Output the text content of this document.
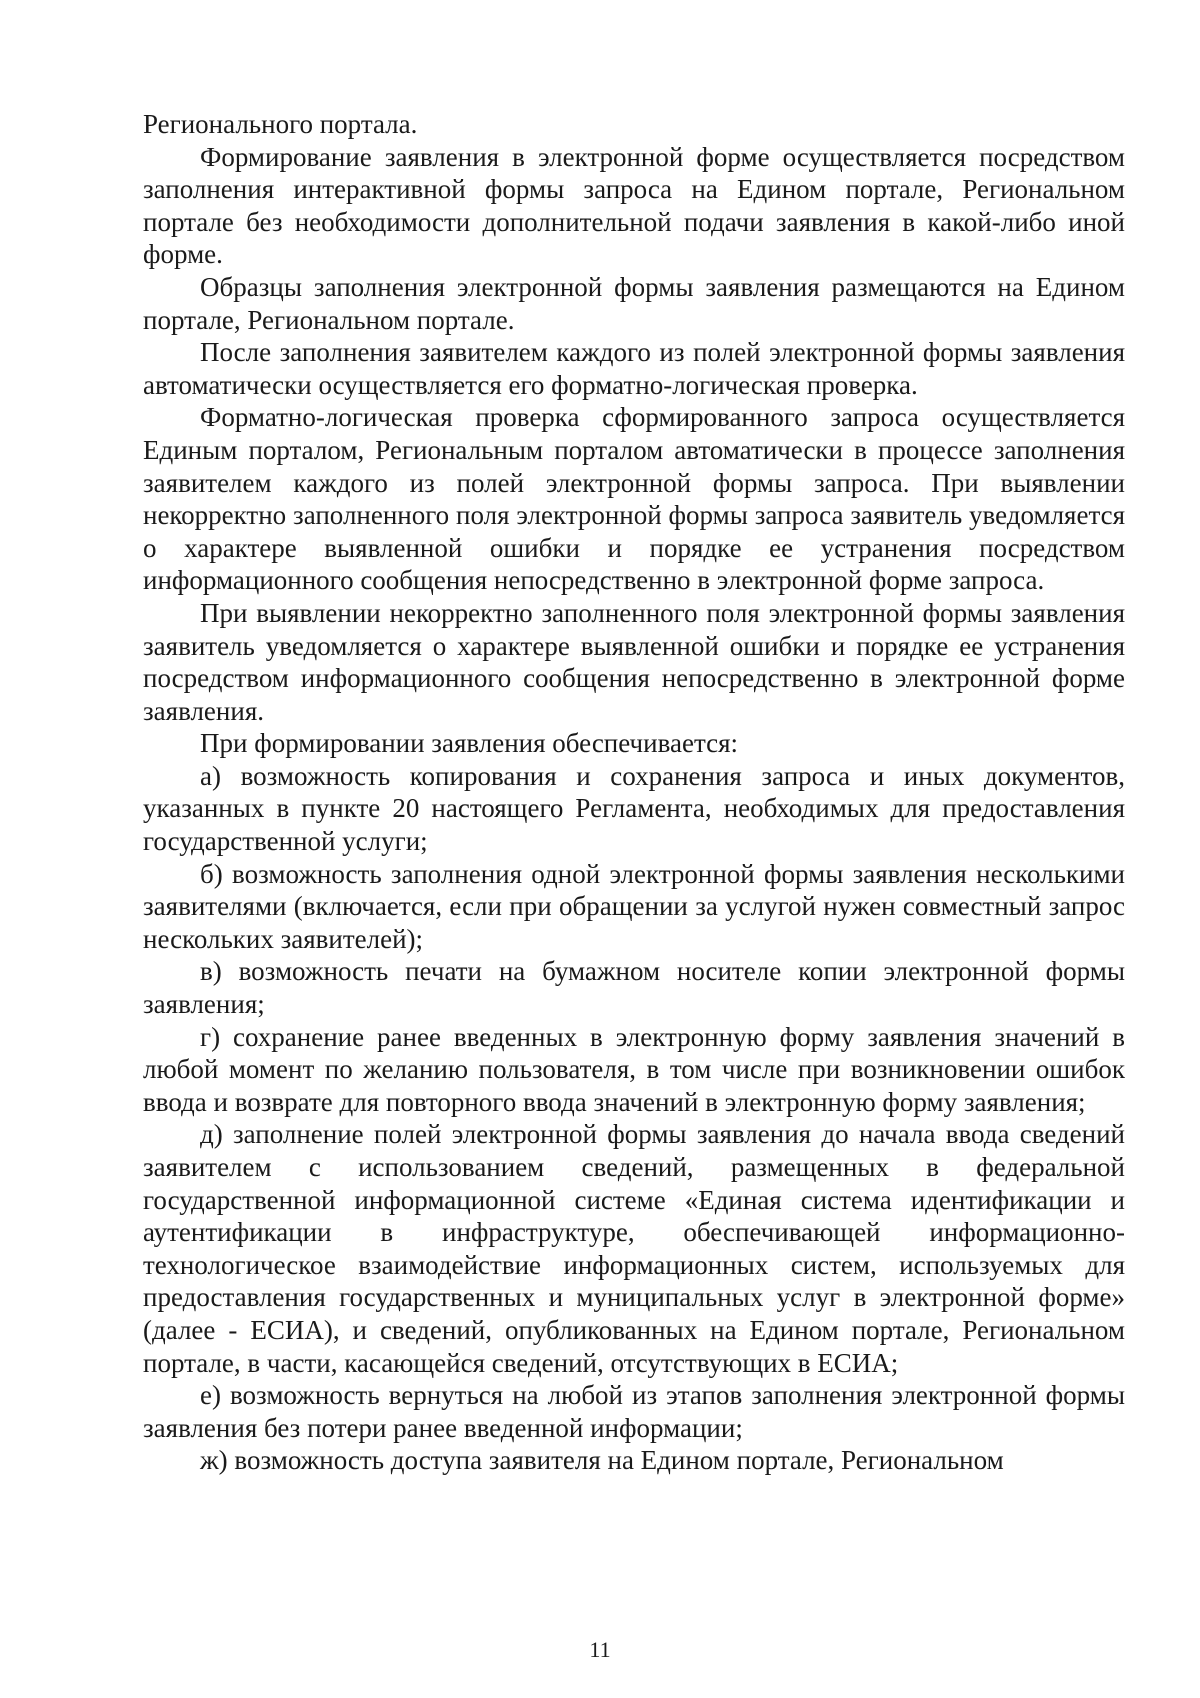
Регионального портала.

Формирование заявления в электронной форме осуществляется посредством заполнения интерактивной формы запроса на Едином портале, Региональном портале без необходимости дополнительной подачи заявления в какой-либо иной форме.

Образцы заполнения электронной формы заявления размещаются на Едином портале, Региональном портале.

После заполнения заявителем каждого из полей электронной формы заявления автоматически осуществляется его форматно-логическая проверка.

Форматно-логическая проверка сформированного запроса осуществляется Единым порталом, Региональным порталом автоматически в процессе заполнения заявителем каждого из полей электронной формы запроса. При выявлении некорректно заполненного поля электронной формы запроса заявитель уведомляется о характере выявленной ошибки и порядке ее устранения посредством информационного сообщения непосредственно в электронной форме запроса.

При выявлении некорректно заполненного поля электронной формы заявления заявитель уведомляется о характере выявленной ошибки и порядке ее устранения посредством информационного сообщения непосредственно в электронной форме заявления.

При формировании заявления обеспечивается:

а) возможность копирования и сохранения запроса и иных документов, указанных в пункте 20 настоящего Регламента, необходимых для предоставления государственной услуги;

б) возможность заполнения одной электронной формы заявления несколькими заявителями (включается, если при обращении за услугой нужен совместный запрос нескольких заявителей);

в) возможность печати на бумажном носителе копии электронной формы заявления;

г) сохранение ранее введенных в электронную форму заявления значений в любой момент по желанию пользователя, в том числе при возникновении ошибок ввода и возврате для повторного ввода значений в электронную форму заявления;

д) заполнение полей электронной формы заявления до начала ввода сведений заявителем с использованием сведений, размещенных в федеральной государственной информационной системе «Единая система идентификации и аутентификации в инфраструктуре, обеспечивающей информационно-технологическое взаимодействие информационных систем, используемых для предоставления государственных и муниципальных услуг в электронной форме» (далее - ЕСИА), и сведений, опубликованных на Едином портале, Региональном портале, в части, касающейся сведений, отсутствующих в ЕСИА;

е) возможность вернуться на любой из этапов заполнения электронной формы заявления без потери ранее введенной информации;

ж) возможность доступа заявителя на Едином портале, Региональном

11
